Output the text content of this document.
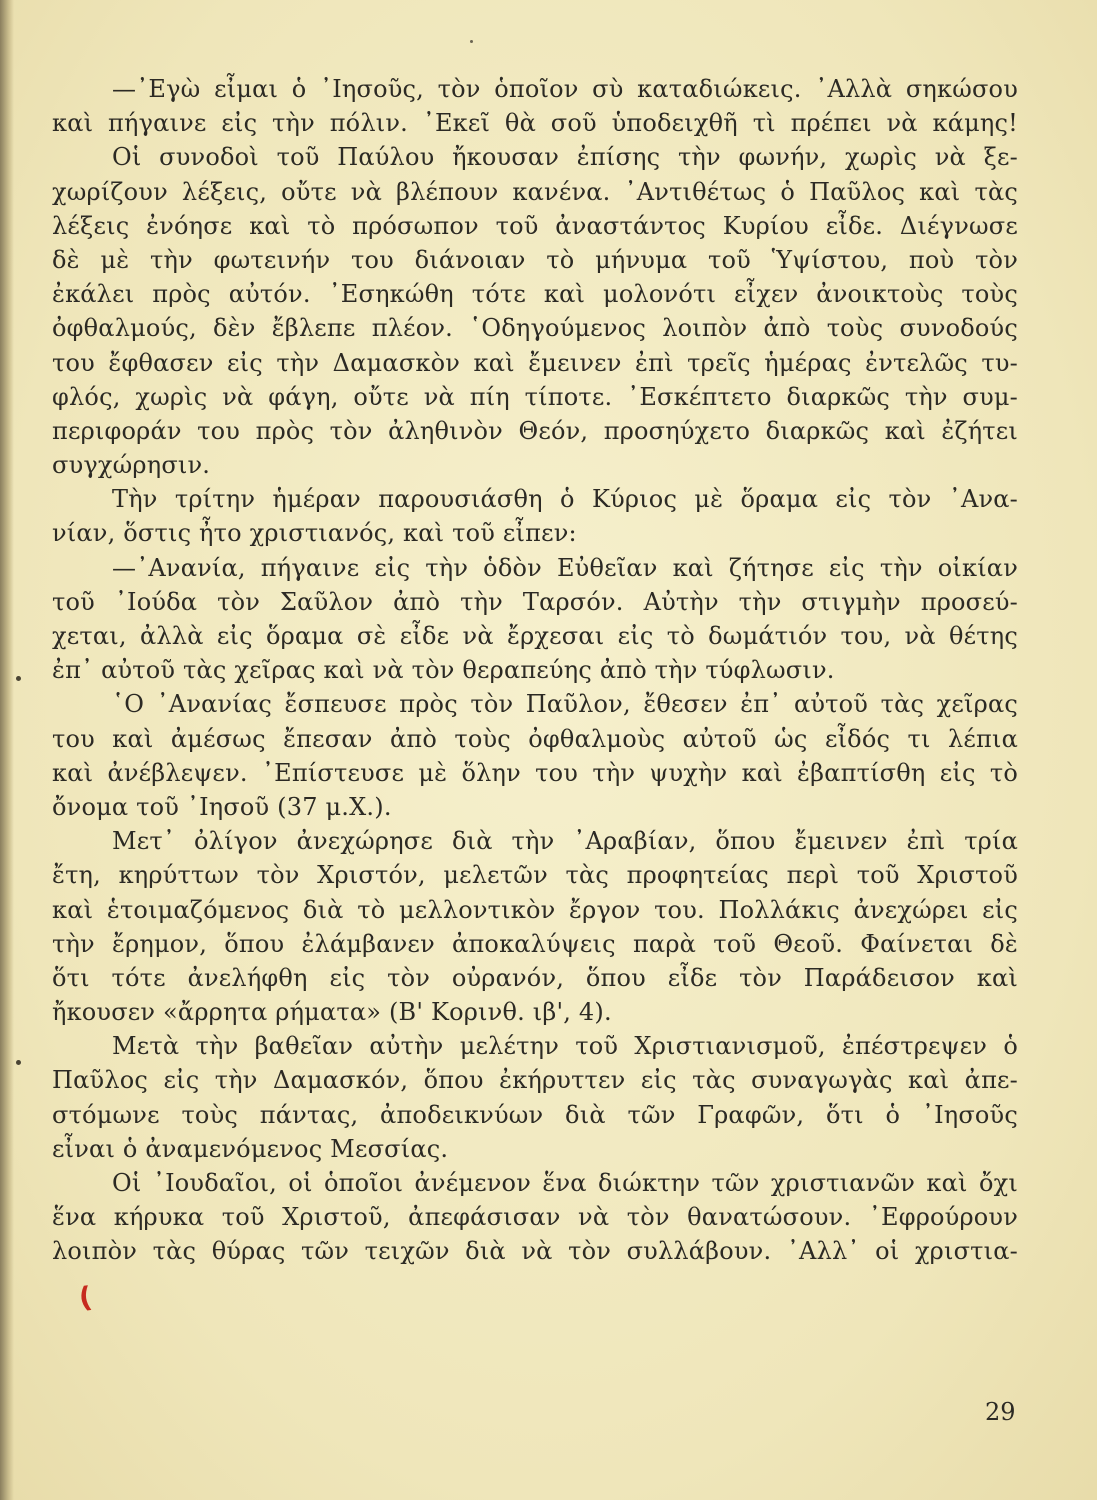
—᾿Εγὼ εἶμαι ὁ ᾿Ιησοῦς, τὸν ὁποῖον σὺ καταδιώκεις. ᾿Αλλὰ σηκώσου
καὶ πήγαινε εἰς τὴν πόλιν. ᾿Εκεῖ θὰ σοῦ ὑποδειχθῆ τὶ πρέπει νὰ κάμης!
Οἱ συνοδοὶ τοῦ Παύλου ἤκουσαν ἐπίσης τὴν φωνήν, χωρὶς νὰ ξε-
χωρίζουν λέξεις, οὔτε νὰ βλέπουν κανένα. ᾿Αντιθέτως ὁ Παῦλος καὶ τὰς
λέξεις ἐνόησε καὶ τὸ πρόσωπον τοῦ ἀναστάντος Κυρίου εἶδε. Διέγνωσε
δὲ μὲ τὴν φωτεινήν του διάνοιαν τὸ μήνυμα τοῦ Ὑψίστου, ποὺ τὸν
ἐκάλει πρὸς αὐτόν. ᾿Εσηκώθη τότε καὶ μολονότι εἶχεν ἀνοικτοὺς τοὺς
ὀφθαλμούς, δὲν ἔβλεπε πλέον. ῾Οδηγούμενος λοιπὸν ἀπὸ τοὺς συνοδούς
του ἔφθασεν εἰς τὴν Δαμασκὸν καὶ ἔμεινεν ἐπὶ τρεῖς ἡμέρας ἐντελῶς τυ-
φλός, χωρὶς νὰ φάγη, οὔτε νὰ πίη τίποτε. ᾿Εσκέπτετο διαρκῶς τὴν συμ-
περιφοράν του πρὸς τὸν ἀληθινὸν Θεόν, προσηύχετο διαρκῶς καὶ ἐζήτει
συγχώρησιν.
Τὴν τρίτην ἡμέραν παρουσιάσθη ὁ Κύριος μὲ ὅραμα εἰς τὸν ᾿Ανα-
νίαν, ὅστις ἦτο χριστιανός, καὶ τοῦ εἶπεν:
—᾿Ανανία, πήγαινε εἰς τὴν ὁδὸν Εὐθεῖαν καὶ ζήτησε εἰς τὴν οἰκίαν
τοῦ ᾿Ιούδα τὸν Σαῦλον ἀπὸ τὴν Ταρσόν. Αὐτὴν τὴν στιγμὴν προσεύ-
χεται, ἀλλὰ εἰς ὅραμα σὲ εἶδε νὰ ἔρχεσαι εἰς τὸ δωμάτιόν του, νὰ θέτης
ἐπ᾿ αὐτοῦ τὰς χεῖρας καὶ νὰ τὸν θεραπεύης ἀπὸ τὴν τύφλωσιν.
῾Ο ᾿Ανανίας ἔσπευσε πρὸς τὸν Παῦλον, ἔθεσεν ἐπ᾿ αὐτοῦ τὰς χεῖρας
του καὶ ἀμέσως ἔπεσαν ἀπὸ τοὺς ὀφθαλμοὺς αὐτοῦ ὡς εἶδός τι λέπια
καὶ ἀνέβλεψεν. ᾿Επίστευσε μὲ ὅλην του τὴν ψυχὴν καὶ ἐβαπτίσθη εἰς τὸ
ὄνομα τοῦ ᾿Ιησοῦ (37 μ.Χ.).
Μετ᾿ ὀλίγον ἀνεχώρησε διὰ τὴν ᾿Αραβίαν, ὅπου ἔμεινεν ἐπὶ τρία
ἔτη, κηρύττων τὸν Χριστόν, μελετῶν τὰς προφητείας περὶ τοῦ Χριστοῦ
καὶ ἑτοιμαζόμενος διὰ τὸ μελλοντικὸν ἔργον του. Πολλάκις ἀνεχώρει εἰς
τὴν ἔρημον, ὅπου ἐλάμβανεν ἀποκαλύψεις παρὰ τοῦ Θεοῦ. Φαίνεται δὲ
ὅτι τότε ἀνελήφθη εἰς τὸν οὐρανόν, ὅπου εἶδε τὸν Παράδεισον καὶ
ἤκουσεν «ἄρρητα ρήματα» (Β' Κορινθ. ιβ', 4).
Μετὰ τὴν βαθεῖαν αὐτὴν μελέτην τοῦ Χριστιανισμοῦ, ἐπέστρεψεν ὁ
Παῦλος εἰς τὴν Δαμασκόν, ὅπου ἐκήρυττεν εἰς τὰς συναγωγὰς καὶ ἀπε-
στόμωνε τοὺς πάντας, ἀποδεικνύων διὰ τῶν Γραφῶν, ὅτι ὁ ᾿Ιησοῦς
εἶναι ὁ ἀναμενόμενος Μεσσίας.
Οἱ ᾿Ιουδαῖοι, οἱ ὁποῖοι ἀνέμενον ἕνα διώκτην τῶν χριστιανῶν καὶ ὄχι
ἕνα κήρυκα τοῦ Χριστοῦ, ἀπεφάσισαν νὰ τὸν θανατώσουν. ᾿Εφρούρουν
λοιπὸν τὰς θύρας τῶν τειχῶν διὰ νὰ τὸν συλλάβουν. ᾿Αλλ᾿ οἱ χριστια-
(
29
